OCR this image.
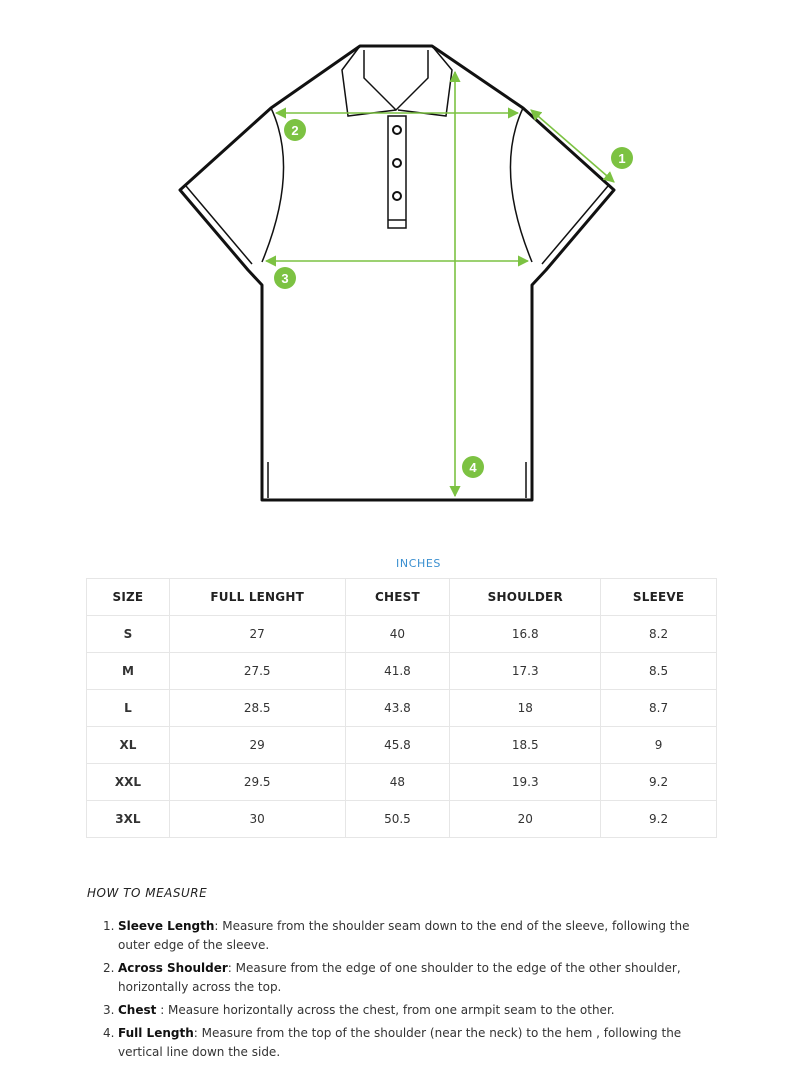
1
2
3
4
INCHES
SIZE	FULL LENGHT	CHEST	SHOULDER	SLEEVE
S	27	40	16.8	8.2
M	27.5	41.8	17.3	8.5
L	28.5	43.8	18	8.7
XL	29	45.8	18.5	9
XXL	29.5	48	19.3	9.2
3XL	30	50.5	20	9.2
HOW TO MEASURE
1. Sleeve Length: Measure from the shoulder seam down to the end of the sleeve, following the outer edge of the sleeve.
2. Across Shoulder: Measure from the edge of one shoulder to the edge of the other shoulder, horizontally across the top.
3. Chest : Measure horizontally across the chest, from one armpit seam to the other.
4. Full Length: Measure from the top of the shoulder (near the neck) to the hem , following the vertical line down the side.
